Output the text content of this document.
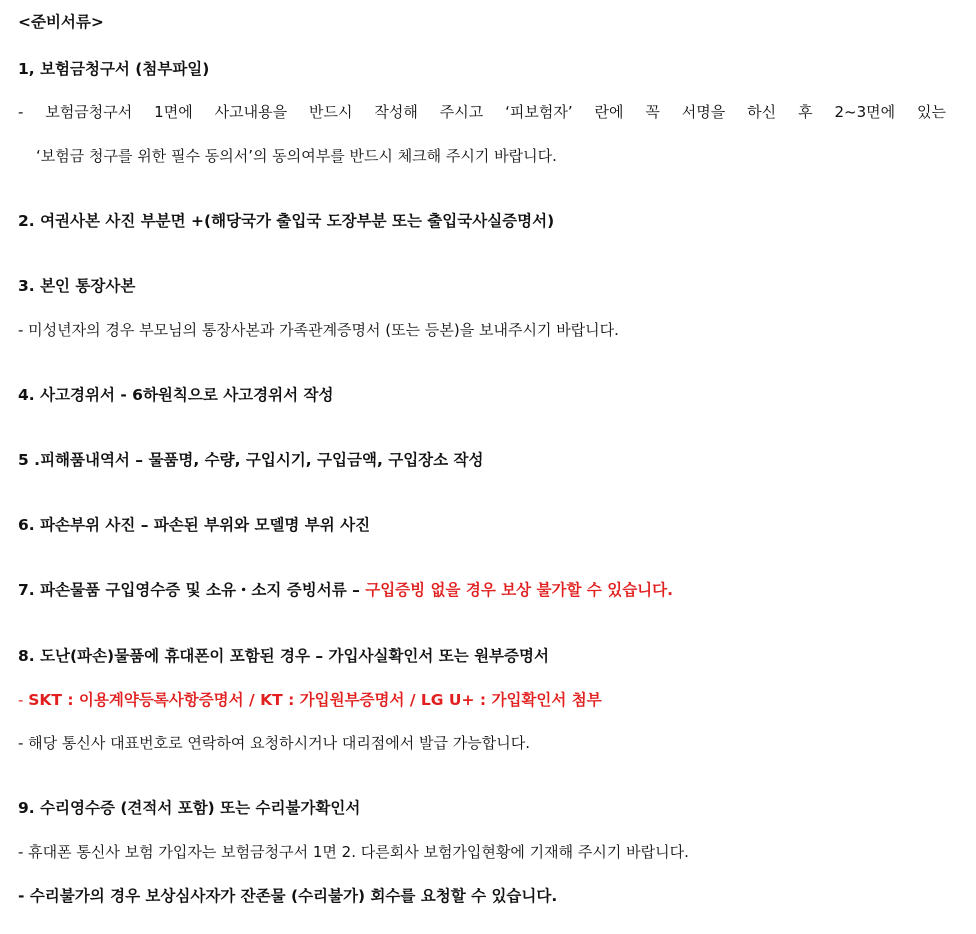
<준비서류>
1, 보험금청구서 (첨부파일)
- 보험금청구서 1면에 사고내용을 반드시 작성해 주시고 ‘피보험자’ 란에 꼭 서명을 하신 후 2~3면에 있는
‘보험금 청구를 위한 필수 동의서’의 동의여부를 반드시 체크해 주시기 바랍니다.
2. 여권사본 사진 부분면 +(해당국가 출입국 도장부분 또는 출입국사실증명서)
3. 본인 통장사본
- 미성년자의 경우 부모님의 통장사본과 가족관계증명서 (또는 등본)을 보내주시기 바랍니다.
4. 사고경위서 - 6하원칙으로 사고경위서 작성
5 .피해품내역서 – 물품명, 수량, 구입시기, 구입금액, 구입장소 작성
6. 파손부위 사진 – 파손된 부위와 모델명 부위 사진
7. 파손물품 구입영수증 및 소유・소지 증빙서류 – 구입증빙 없을 경우 보상 불가할 수 있습니다.
8. 도난(파손)물품에 휴대폰이 포함된 경우 – 가입사실확인서 또는 원부증명서
- SKT : 이용계약등록사항증명서 / KT : 가입원부증명서 / LG U+ : 가입확인서 첨부
- 해당 통신사 대표번호로 연락하여 요청하시거나 대리점에서 발급 가능합니다.
9. 수리영수증 (견적서 포함) 또는 수리불가확인서
- 휴대폰 통신사 보험 가입자는 보험금청구서 1면 2. 다른회사 보험가입현황에 기재해 주시기 바랍니다.
- 수리불가의 경우 보상심사자가 잔존물 (수리불가) 회수를 요청할 수 있습니다.
